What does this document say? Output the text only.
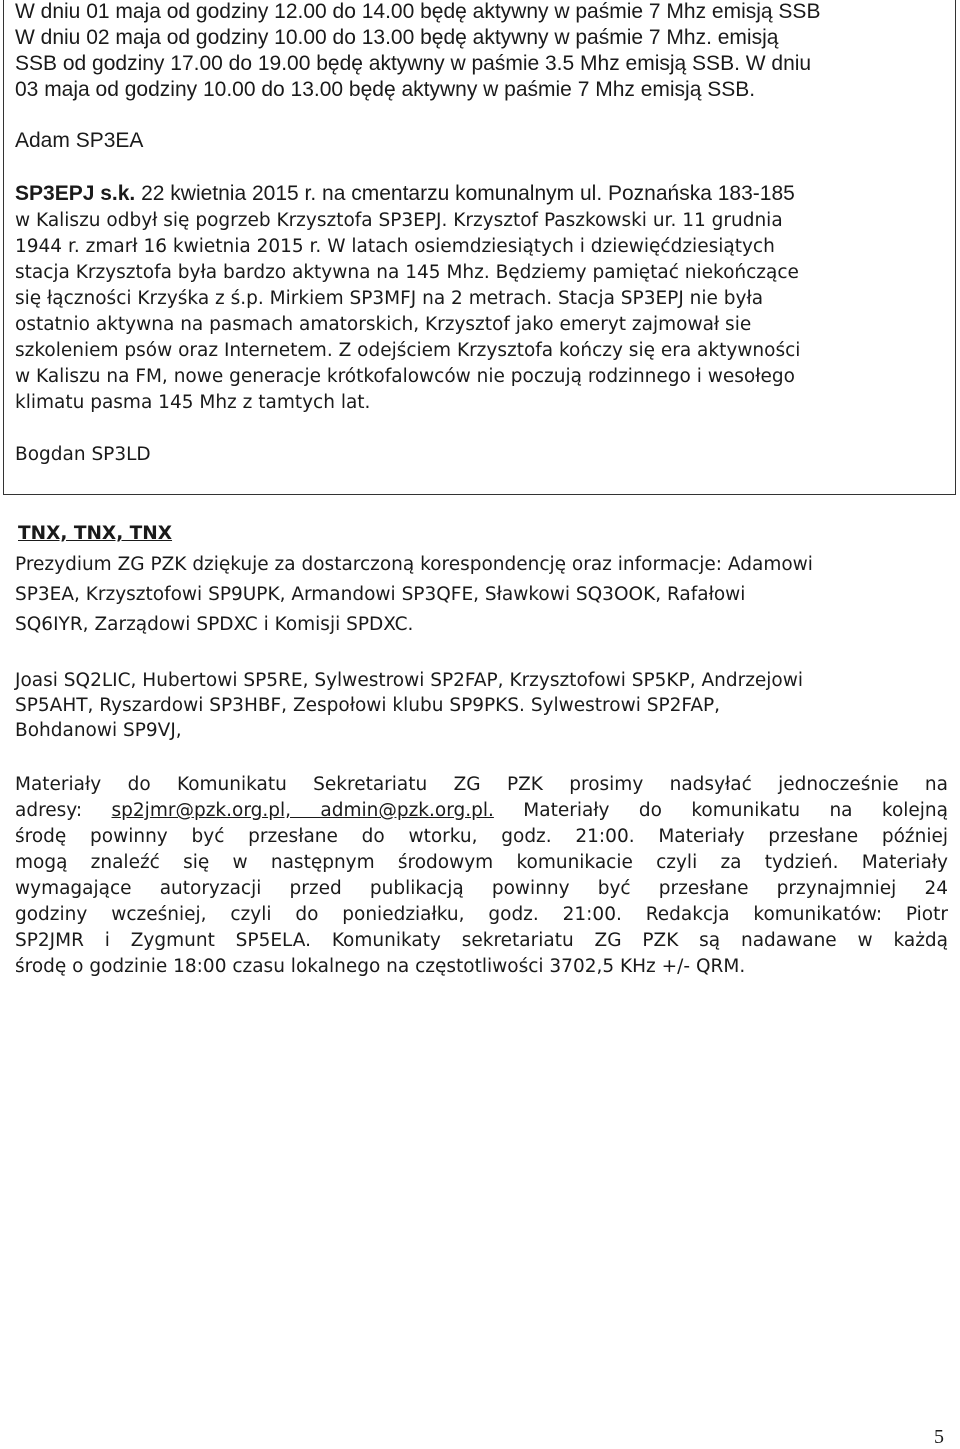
W dniu 01 maja od godziny 12.00 do 14.00 będę aktywny w paśmie 7 Mhz emisją SSB
W dniu 02 maja od godziny 10.00 do 13.00 będę aktywny w paśmie 7 Mhz. emisją
SSB od godziny 17.00 do 19.00 będę aktywny w paśmie 3.5 Mhz emisją SSB. W dniu
03 maja od godziny 10.00 do 13.00 będę aktywny w paśmie 7 Mhz emisją SSB.
Adam SP3EA
SP3EPJ s.k. 22 kwietnia 2015 r. na cmentarzu komunalnym ul. Poznańska 183-185
w Kaliszu odbył się pogrzeb Krzysztofa SP3EPJ. Krzysztof Paszkowski ur. 11 grudnia
1944 r. zmarł 16 kwietnia 2015 r. W latach osiemdziesiątych i dziewięćdziesiątych
stacja Krzysztofa była bardzo aktywna na 145 Mhz. Będziemy pamiętać niekończące
się łączności Krzyśka z ś.p. Mirkiem SP3MFJ na 2 metrach. Stacja SP3EPJ nie była
ostatnio aktywna na pasmach amatorskich, Krzysztof jako emeryt zajmował sie
szkoleniem psów oraz Internetem. Z odejściem Krzysztofa kończy się era aktywności
w Kaliszu na FM, nowe generacje krótkofalowców nie poczują rodzinnego i wesołego
klimatu pasma 145 Mhz z tamtych lat.
Bogdan SP3LD
TNX, TNX, TNX
Prezydium ZG PZK dziękuje za dostarczoną korespondencję oraz informacje: Adamowi
SP3EA, Krzysztofowi SP9UPK, Armandowi SP3QFE, Sławkowi SQ3OOK, Rafałowi
SQ6IYR, Zarządowi SPDXC i Komisji SPDXC.
Joasi SQ2LIC, Hubertowi SP5RE, Sylwestrowi SP2FAP, Krzysztofowi SP5KP, Andrzejowi
SP5AHT, Ryszardowi SP3HBF, Zespołowi klubu SP9PKS. Sylwestrowi SP2FAP,
Bohdanowi SP9VJ,
Materiały do Komunikatu Sekretariatu ZG PZK prosimy nadsyłać jednocześnie na
adresy: sp2jmr@pzk.org.pl, admin@pzk.org.pl. Materiały do komunikatu na kolejną
środę powinny być przesłane do wtorku, godz. 21:00. Materiały przesłane później
mogą znaleźć się w następnym środowym komunikacie czyli za tydzień. Materiały
wymagające autoryzacji przed publikacją powinny być przesłane przynajmniej 24
godziny wcześniej, czyli do poniedziałku, godz. 21:00. Redakcja komunikatów: Piotr
SP2JMR i Zygmunt SP5ELA. Komunikaty sekretariatu ZG PZK są nadawane w każdą
środę o godzinie 18:00 czasu lokalnego na częstotliwości 3702,5 KHz +/- QRM.
5
